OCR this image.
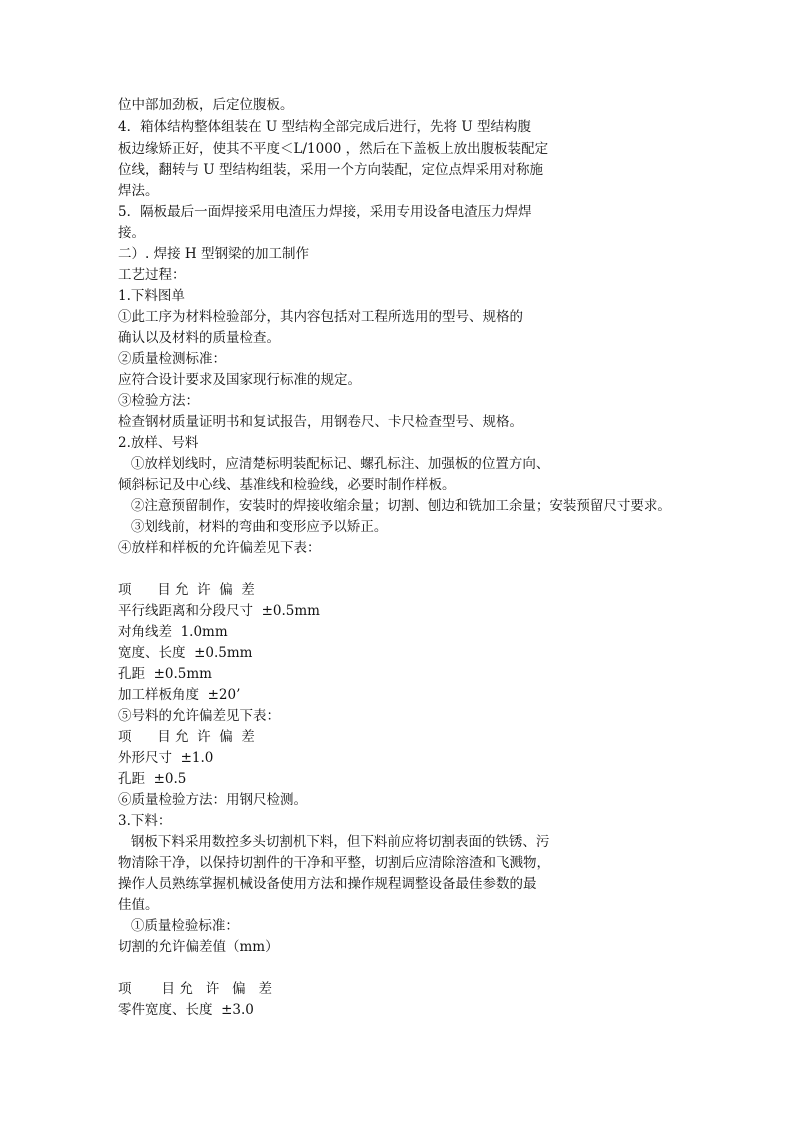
位中部加劲板，后定位腹板。
4．箱体结构整体组装在 U 型结构全部完成后进行，先将 U 型结构腹
板边缘矫正好，使其不平度＜L/1000 ，然后在下盖板上放出腹板装配定
位线，翻转与 U 型结构组装，采用一个方向装配，定位点焊采用对称施
焊法。
5．隔板最后一面焊接采用电渣压力焊接，采用专用设备电渣压力焊焊
接。
二）. 焊接 H 型钢梁的加工制作
工艺过程：
1.下料图单
①此工序为材料检验部分，其内容包括对工程所选用的型号、规格的
确认以及材料的质量检查。
②质量检测标准：
应符合设计要求及国家现行标准的规定。
③检验方法：
检查钢材质量证明书和复试报告，用钢卷尺、卡尺检查型号、规格。
2.放样、号料
①放样划线时，应清楚标明装配标记、螺孔标注、加强板的位置方向、
倾斜标记及中心线、基准线和检验线，必要时制作样板。
②注意预留制作，安装时的焊接收缩余量；切割、刨边和铣加工余量；安装预留尺寸要求。
③划线前，材料的弯曲和变形应予以矫正。
④放样和样板的允许偏差见下表：
项      目 允  许  偏  差
平行线距离和分段尺寸  ±0.5mm
对角线差  1.0mm
宽度、长度  ±0.5mm
孔距  ±0.5mm
加工样板角度  ±20’
⑤号料的允许偏差见下表：
项      目 允  许  偏  差
外形尺寸  ±1.0
孔距  ±0.5
⑥质量检验方法：用钢尺检测。
3.下料：
钢板下料采用数控多头切割机下料，但下料前应将切割表面的铁锈、污
物清除干净，以保持切割件的干净和平整，切割后应清除溶渣和飞溅物，
操作人员熟练掌握机械设备使用方法和操作规程调整设备最佳参数的最
佳值。
①质量检验标准：
切割的允许偏差值（mm）
项       目 允   许   偏   差
零件宽度、长度  ±3.0
